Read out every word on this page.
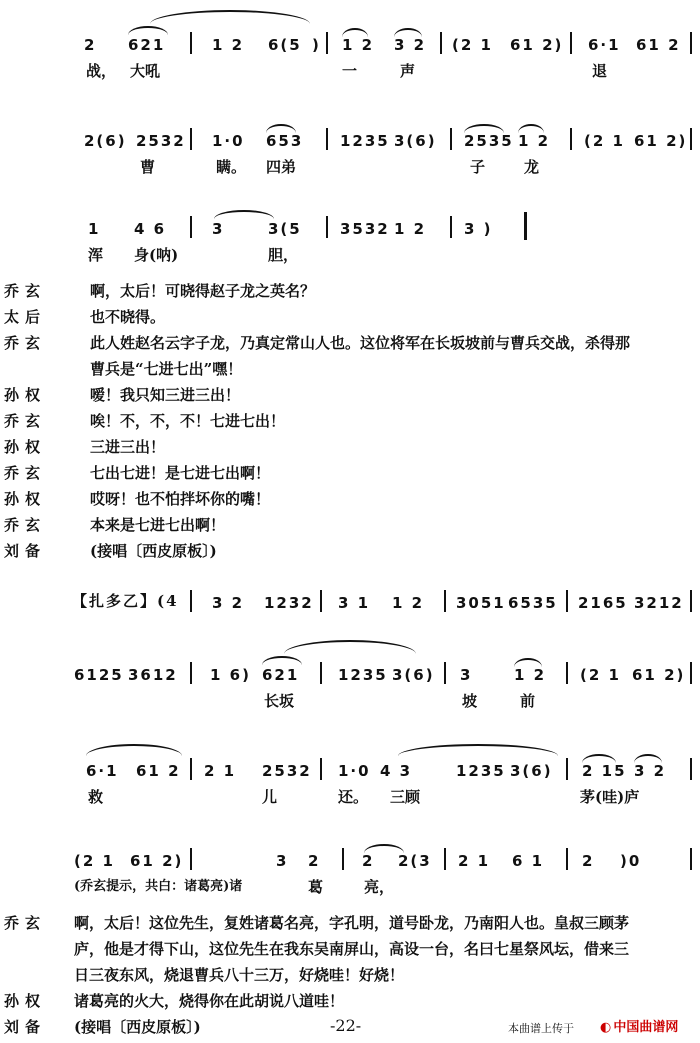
2 621	1 2 6(5 ) 1 2 3 2 (2 1 61 2) 6·1 61 2
战， 大吼	一	声	退
2(6) 2532 1·0 653 1235 3(6) 2535 1 2 (2 1 61 2)
曹	瞒。 四弟	子	龙
1 4 6	3	3(5	3532 1 2	3 )
浑 身(呐)	胆，
乔玄	啊，太后！可晓得赵子龙之英名？
太后	也不晓得。
乔玄	此人姓赵名云字子龙，乃真定常山人也。这位将军在长坂坡前与曹兵交战，杀得那
曹兵是“七进七出”嘿！
孙权	嗳！我只知三进三出！
乔玄	唉！不，不，不！七进七出！
孙权	三进三出！
乔玄	七出七进！是七进七出啊！
孙权	哎呀！也不怕拌坏你的嘴！
乔玄	本来是七进七出啊！
刘备	(接唱〔西皮原板〕)
【扎多乙】(4 3 2 1232 3 1 1 2 3051 6535 2165 3212
6125 3612 1 6) 621	1235 3(6) 3	1 2 (2 1 61 2)
长坂	坡	前
6·1 61 2 2 1 2532 1·0 4 3	1235 3(6) 2 15 3 2
救	儿	还。 三顾	茅(哇)庐
(2 1 61 2)	3 2	2 2(3 2 1 6 1	2 )0
(乔玄提示，共白：诸葛亮)诸	葛	亮，
乔玄	啊，太后！这位先生，复姓诸葛名亮，字孔明，道号卧龙，乃南阳人也。皇叔三顾茅
庐，他是才得下山，这位先生在我东吴南屏山，高设一台，名曰七星祭风坛，借来三
日三夜东风，烧退曹兵八十三万，好烧哇！好烧！
孙权	诸葛亮的火大，烧得你在此胡说八道哇！
刘备	(接唱〔西皮原板〕)	-22-	本曲谱上传于 ◐ 中国曲谱网
